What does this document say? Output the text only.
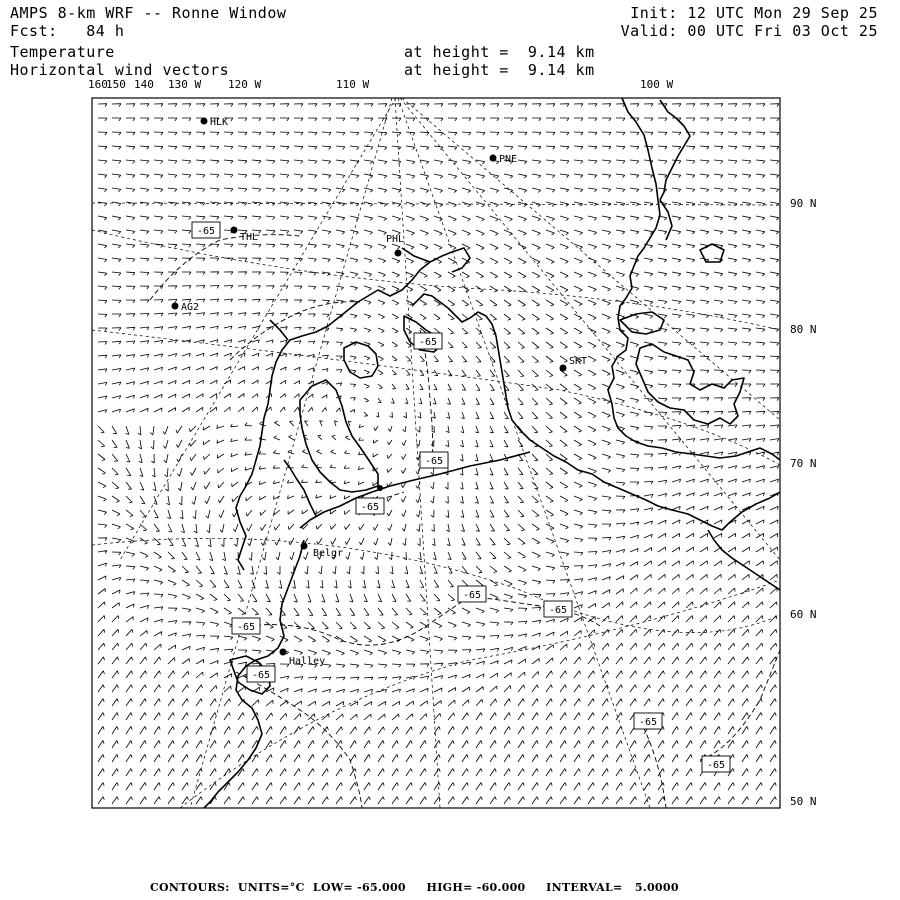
AMPS 8-km WRF -- Ronne Window
Fcst:   84 h
Temperature
Horizontal wind vectors
at height =  9.14 km
at height =  9.14 km
Init: 12 UTC Mon 29 Sep 25
Valid: 00 UTC Fri 03 Oct 25
160
150 140 130 W 120 W	110 W	100 W
90 N
80 N
70 N
60 N
50 N
-65
-65
-65
-65
-65
-65
-65
-65
-65
-65
HLK
PNE
THL	PHL
AG2
SKT
Belgr
Halley
CONTOURS:  UNITS=°C  LOW= -65.000     HIGH= -60.000     INTERVAL=   5.0000
